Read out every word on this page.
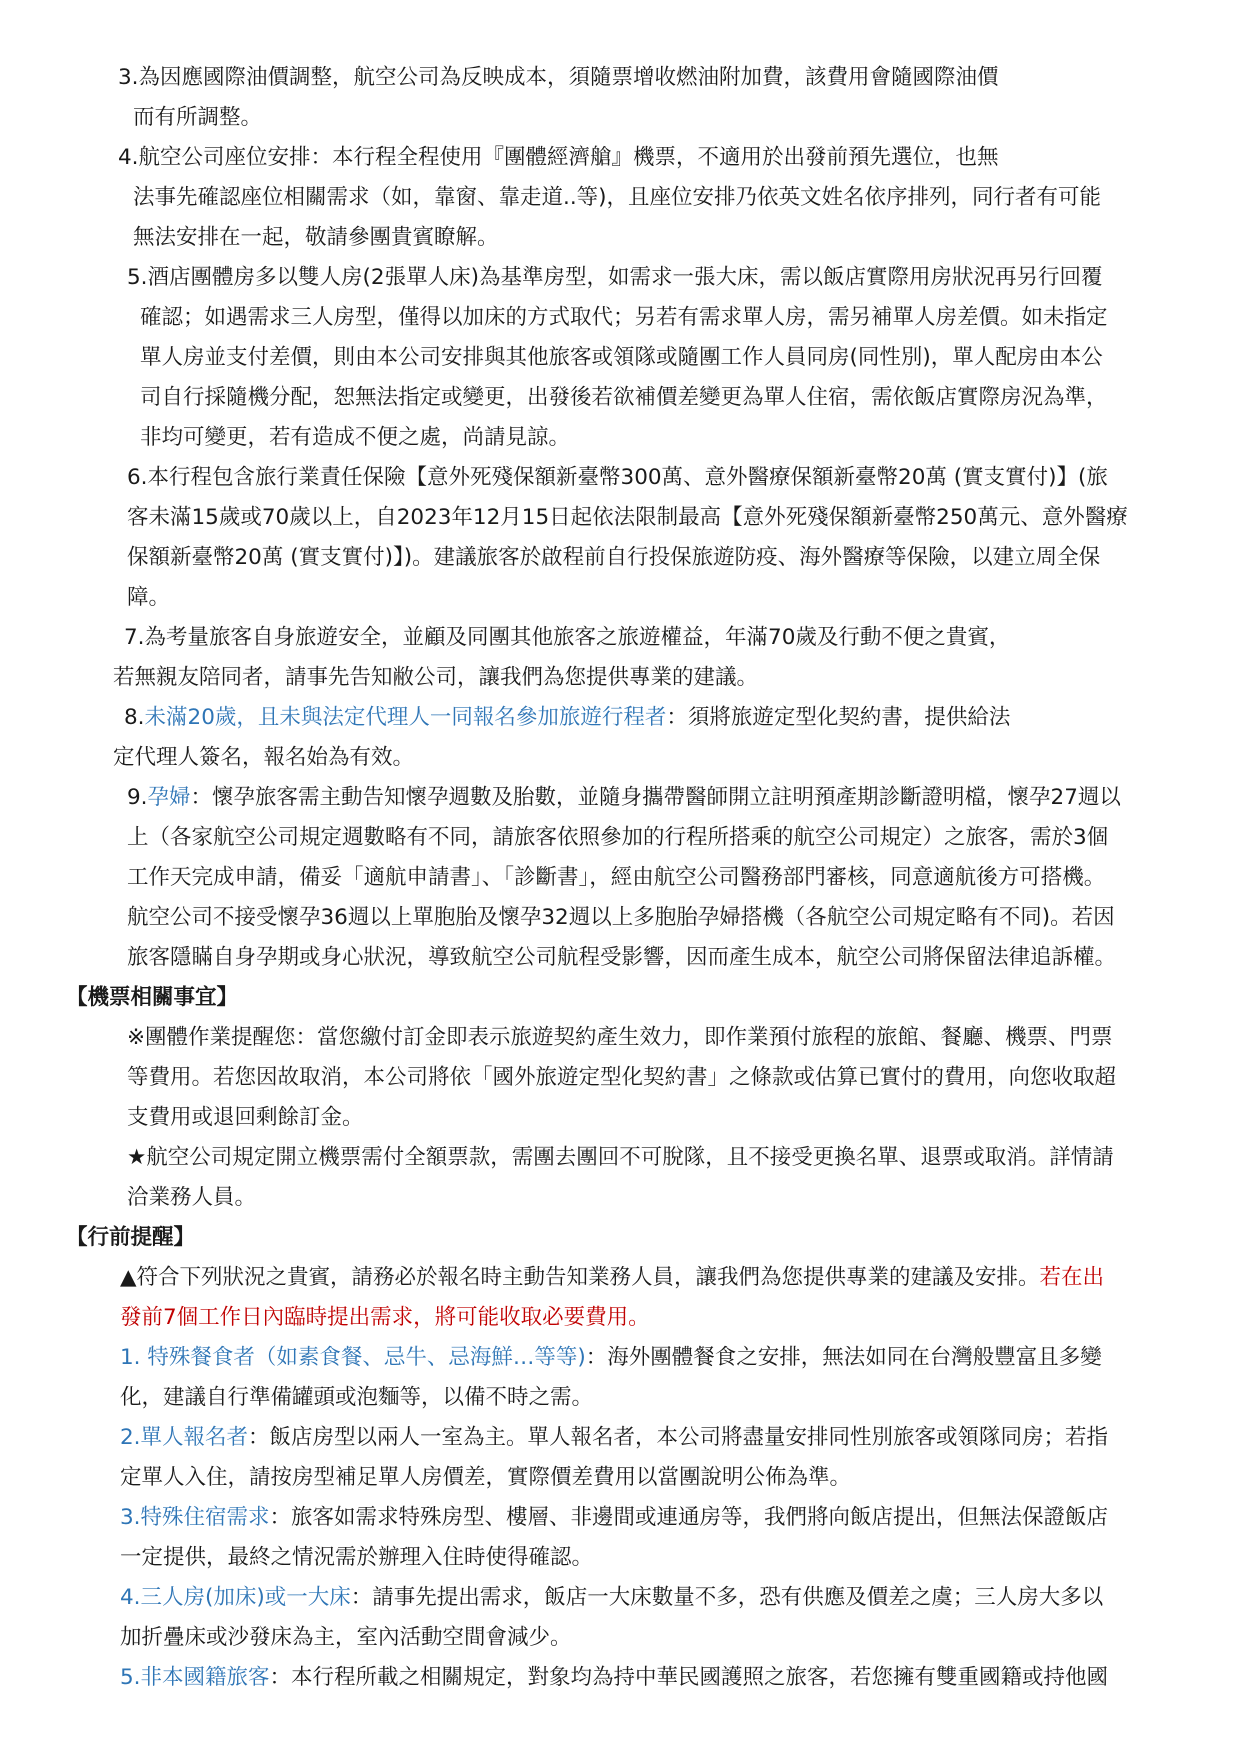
3.為因應國際油價調整，航空公司為反映成本，須隨票增收燃油附加費，該費用會隨國際油價
而有所調整。
4.航空公司座位安排：本行程全程使用『團體經濟艙』機票，不適用於出發前預先選位，也無
法事先確認座位相關需求（如，靠窗、靠走道..等)，且座位安排乃依英文姓名依序排列，同行者有可能
無法安排在一起，敬請參團貴賓瞭解。
5.酒店團體房多以雙人房(2張單人床)為基準房型，如需求一張大床，需以飯店實際用房狀況再另行回覆
確認；如遇需求三人房型，僅得以加床的方式取代；另若有需求單人房，需另補單人房差價。如未指定
單人房並支付差價，則由本公司安排與其他旅客或領隊或隨團工作人員同房(同性別)，單人配房由本公
司自行採隨機分配，恕無法指定或變更，出發後若欲補價差變更為單人住宿，需依飯店實際房況為準，
非均可變更，若有造成不便之處，尚請見諒。
6.本行程包含旅行業責任保險【意外死殘保額新臺幣300萬、意外醫療保額新臺幣20萬 (實支實付)】(旅
客未滿15歲或70歲以上，自2023年12月15日起依法限制最高【意外死殘保額新臺幣250萬元、意外醫療
保額新臺幣20萬 (實支實付)】)。建議旅客於啟程前自行投保旅遊防疫、海外醫療等保險，以建立周全保
障。
7.為考量旅客自身旅遊安全，並顧及同團其他旅客之旅遊權益，年滿70歲及行動不便之貴賓，
若無親友陪同者，請事先告知敝公司，讓我們為您提供專業的建議。
8.未滿20歲，且未與法定代理人一同報名參加旅遊行程者：須將旅遊定型化契約書，提供給法
定代理人簽名，報名始為有效。
9.孕婦：懷孕旅客需主動告知懷孕週數及胎數，並隨身攜帶醫師開立註明預產期診斷證明檔，懷孕27週以
上（各家航空公司規定週數略有不同，請旅客依照參加的行程所搭乘的航空公司規定）之旅客，需於3個
工作天完成申請，備妥「適航申請書」、「診斷書」，經由航空公司醫務部門審核，同意適航後方可搭機。
航空公司不接受懷孕36週以上單胞胎及懷孕32週以上多胞胎孕婦搭機（各航空公司規定略有不同)。若因
旅客隱瞞自身孕期或身心狀況，導致航空公司航程受影響，因而產生成本，航空公司將保留法律追訴權。
【機票相關事宜】
※團體作業提醒您：當您繳付訂金即表示旅遊契約產生效力，即作業預付旅程的旅館、餐廳、機票、門票
等費用。若您因故取消，本公司將依「國外旅遊定型化契約書」之條款或估算已實付的費用，向您收取超
支費用或退回剩餘訂金。
★航空公司規定開立機票需付全額票款，需團去團回不可脫隊，且不接受更換名單、退票或取消。詳情請
洽業務人員。
【行前提醒】
▲符合下列狀況之貴賓，請務必於報名時主動告知業務人員，讓我們為您提供專業的建議及安排。若在出
發前7個工作日內臨時提出需求，將可能收取必要費用。
1. 特殊餐食者（如素食餐、忌牛、忌海鮮…等等)：海外團體餐食之安排，無法如同在台灣般豐富且多變
化，建議自行準備罐頭或泡麵等，以備不時之需。
2.單人報名者：飯店房型以兩人一室為主。單人報名者，本公司將盡量安排同性別旅客或領隊同房；若指
定單人入住，請按房型補足單人房價差，實際價差費用以當團說明公佈為準。
3.特殊住宿需求：旅客如需求特殊房型、樓層、非邊間或連通房等，我們將向飯店提出，但無法保證飯店
一定提供，最終之情況需於辦理入住時使得確認。
4.三人房(加床)或一大床：請事先提出需求，飯店一大床數量不多，恐有供應及價差之虞；三人房大多以
加折疊床或沙發床為主，室內活動空間會減少。
5.非本國籍旅客：本行程所載之相關規定，對象均為持中華民國護照之旅客，若您擁有雙重國籍或持他國
